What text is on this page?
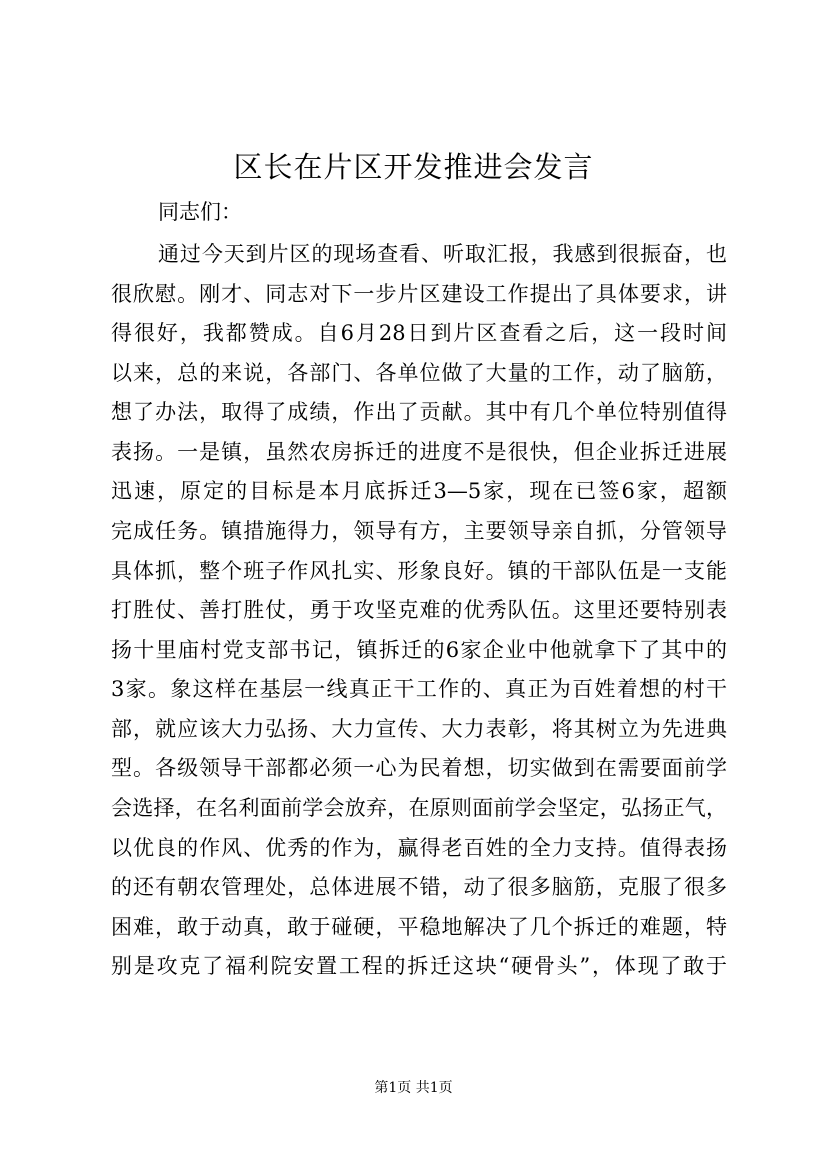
区长在片区开发推进会发言

同志们：

通过今天到片区的现场查看、听取汇报，我感到很振奋，也

很欣慰。刚才、同志对下一步片区建设工作提出了具体要求，讲

得很好，我都赞成。自6月28日到片区查看之后，这一段时间

以来，总的来说，各部门、各单位做了大量的工作，动了脑筋，

想了办法，取得了成绩，作出了贡献。其中有几个单位特别值得

表扬。一是镇，虽然农房拆迁的进度不是很快，但企业拆迁进展

迅速，原定的目标是本月底拆迁3—5家，现在已签6家，超额

完成任务。镇措施得力，领导有方，主要领导亲自抓，分管领导

具体抓，整个班子作风扎实、形象良好。镇的干部队伍是一支能

打胜仗、善打胜仗，勇于攻坚克难的优秀队伍。这里还要特别表

扬十里庙村党支部书记，镇拆迁的6家企业中他就拿下了其中的

3家。象这样在基层一线真正干工作的、真正为百姓着想的村干

部，就应该大力弘扬、大力宣传、大力表彰，将其树立为先进典

型。各级领导干部都必须一心为民着想，切实做到在需要面前学

会选择，在名利面前学会放弃，在原则面前学会坚定，弘扬正气，

以优良的作风、优秀的作为，赢得老百姓的全力支持。值得表扬

的还有朝农管理处，总体进展不错，动了很多脑筋，克服了很多

困难，敢于动真，敢于碰硬，平稳地解决了几个拆迁的难题，特

别是攻克了福利院安置工程的拆迁这块“硬骨头”，体现了敢于

第1页 共1页
